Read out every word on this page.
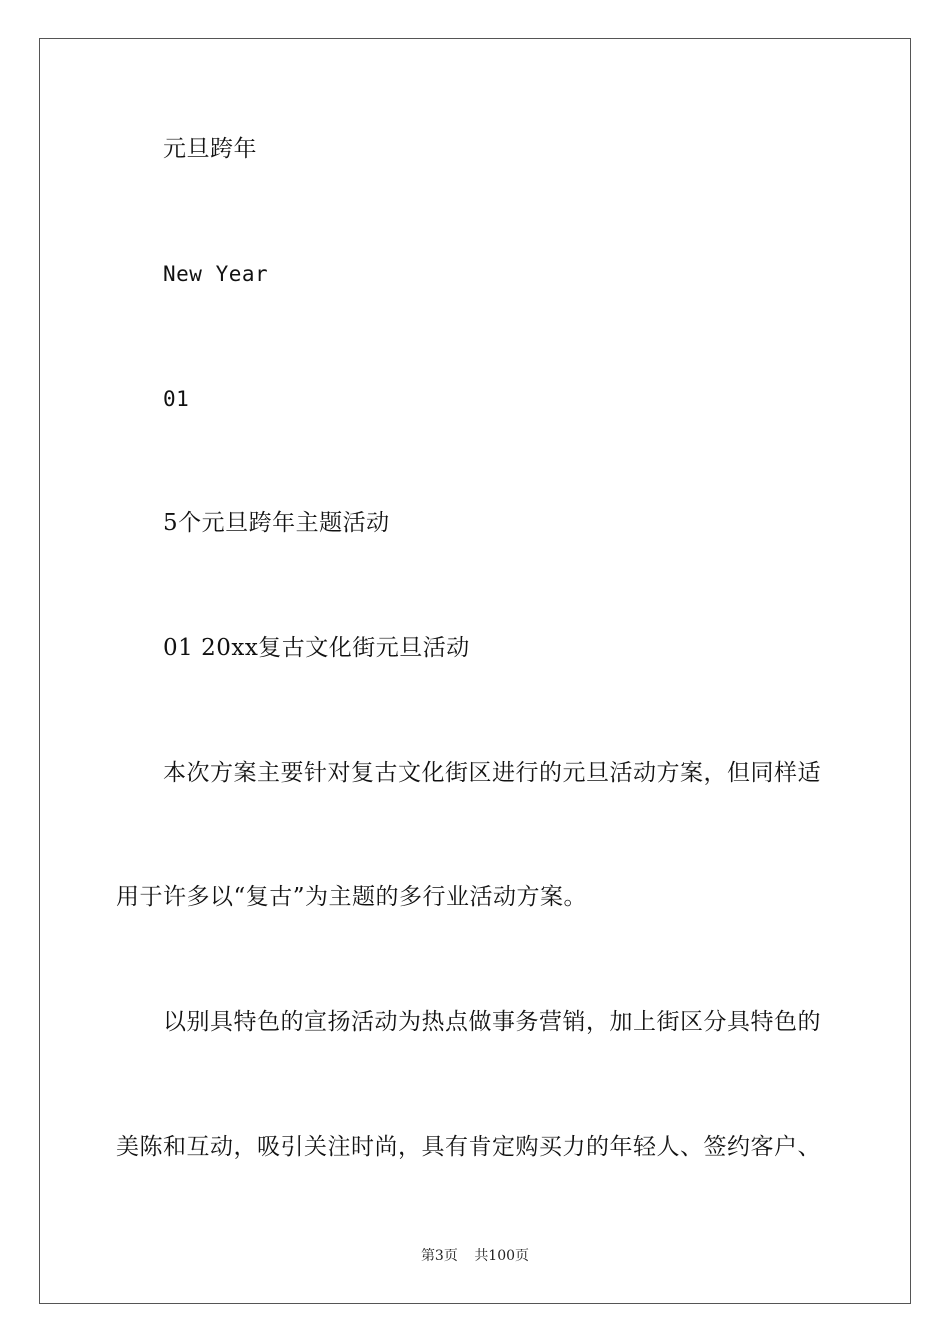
元旦跨年
New Year
01
5个元旦跨年主题活动
01 20xx复古文化街元旦活动
本次方案主要针对复古文化街区进行的元旦活动方案，但同样适
用于许多以“复古”为主题的多行业活动方案。
以别具特色的宣扬活动为热点做事务营销，加上街区分具特色的
美陈和互动，吸引关注时尚，具有肯定购买力的年轻人、签约客户、
第3页 共100页
